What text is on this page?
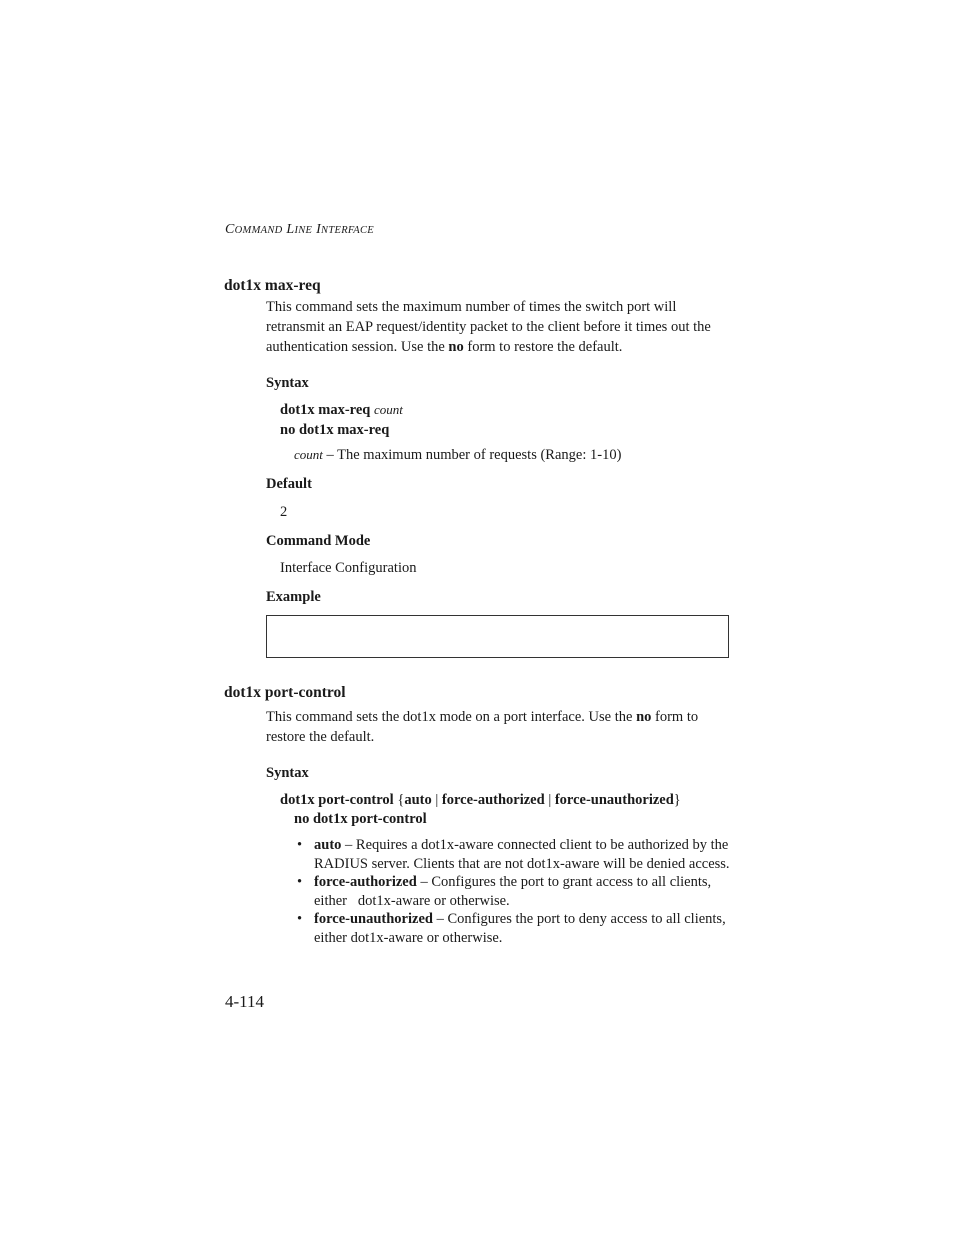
COMMAND LINE INTERFACE
dot1x max-req

This command sets the maximum number of times the switch port will retransmit an EAP request/identity packet to the client before it times out the authentication session. Use the no form to restore the default.

Syntax
dot1x max-req count
no dot1x max-req
count – The maximum number of requests (Range: 1-10)
Default
2
Command Mode
Interface Configuration
Example
dot1x port-control

This command sets the dot1x mode on a port interface. Use the no form to restore the default.

Syntax
dot1x port-control {auto | force-authorized | force-unauthorized}
no dot1x port-control
• auto – Requires a dot1x-aware connected client to be authorized by the RADIUS server. Clients that are not dot1x-aware will be denied access.
• force-authorized – Configures the port to grant access to all clients, either   dot1x-aware or otherwise.
• force-unauthorized – Configures the port to deny access to all clients, either dot1x-aware or otherwise.
4-114
